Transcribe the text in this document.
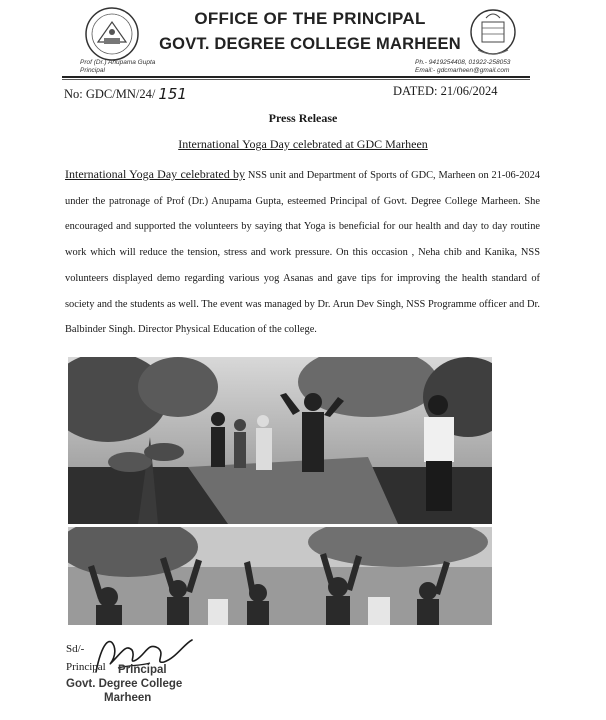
OFFICE OF THE PRINCIPAL
GOVT. DEGREE COLLEGE MARHEEN
Prof (Dr.) Anupama Gupta
Principal
Ph.- 9419254408, 01922-258053
Email:- gdcmarheen@gmail.com
No: GDC/MN/24/ 151	DATED: 21/06/2024
Press Release
International Yoga Day celebrated at GDC Marheen
International Yoga Day celebrated by NSS unit and Department of Sports of GDC, Marheen on 21-06-2024 under the patronage of Prof (Dr.) Anupama Gupta, esteemed Principal of Govt. Degree College Marheen. She encouraged and supported the volunteers by saying that Yoga is beneficial for our health and day to day routine work which will reduce the tension, stress and work pressure. On this occasion , Neha chib and Kanika, NSS volunteers displayed demo regarding various yog Asanas and gave tips for improving the health standard of society and the students as well. The event was managed by Dr. Arun Dev Singh, NSS Programme officer and Dr. Balbinder Singh. Director Physical Education of the college.
Sd/-
Principal Principal
Govt. Degree College
Marheen
